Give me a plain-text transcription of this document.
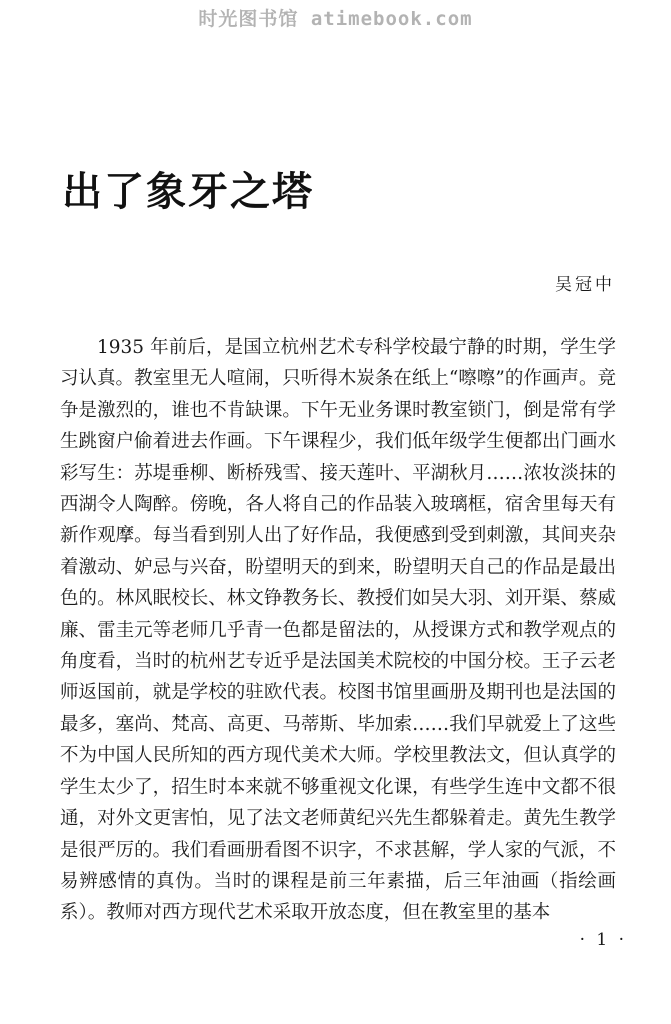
时光图书馆 atimebook.com
出了象牙之塔
吴冠中

1935 年前后，是国立杭州艺术专科学校最宁静的时期，学生学习认真。教室里无人喧闹，只听得木炭条在纸上“嚓嚓”的作画声。竞争是激烈的，谁也不肯缺课。下午无业务课时教室锁门，倒是常有学生跳窗户偷着进去作画。下午课程少，我们低年级学生便都出门画水彩写生：苏堤垂柳、断桥残雪、接天莲叶、平湖秋月……浓妆淡抹的西湖令人陶醉。傍晚，各人将自己的作品装入玻璃框，宿舍里每天有新作观摩。每当看到别人出了好作品，我便感到受到刺激，其间夹杂着激动、妒忌与兴奋，盼望明天的到来，盼望明天自己的作品是最出色的。林风眠校长、林文铮教务长、教授们如吴大羽、刘开渠、蔡威廉、雷圭元等老师几乎青一色都是留法的，从授课方式和教学观点的角度看，当时的杭州艺专近乎是法国美术院校的中国分校。王子云老师返国前，就是学校的驻欧代表。校图书馆里画册及期刊也是法国的最多，塞尚、梵高、高更、马蒂斯、毕加索……我们早就爱上了这些不为中国人民所知的西方现代美术大师。学校里教法文，但认真学的学生太少了，招生时本来就不够重视文化课，有些学生连中文都不很通，对外文更害怕，见了法文老师黄纪兴先生都躲着走。黄先生教学是很严厉的。我们看画册看图不识字，不求甚解，学人家的气派，不易辨感情的真伪。当时的课程是前三年素描，后三年油画（指绘画系）。教师对西方现代艺术采取开放态度，但在教室里的基本

· 1 ·
